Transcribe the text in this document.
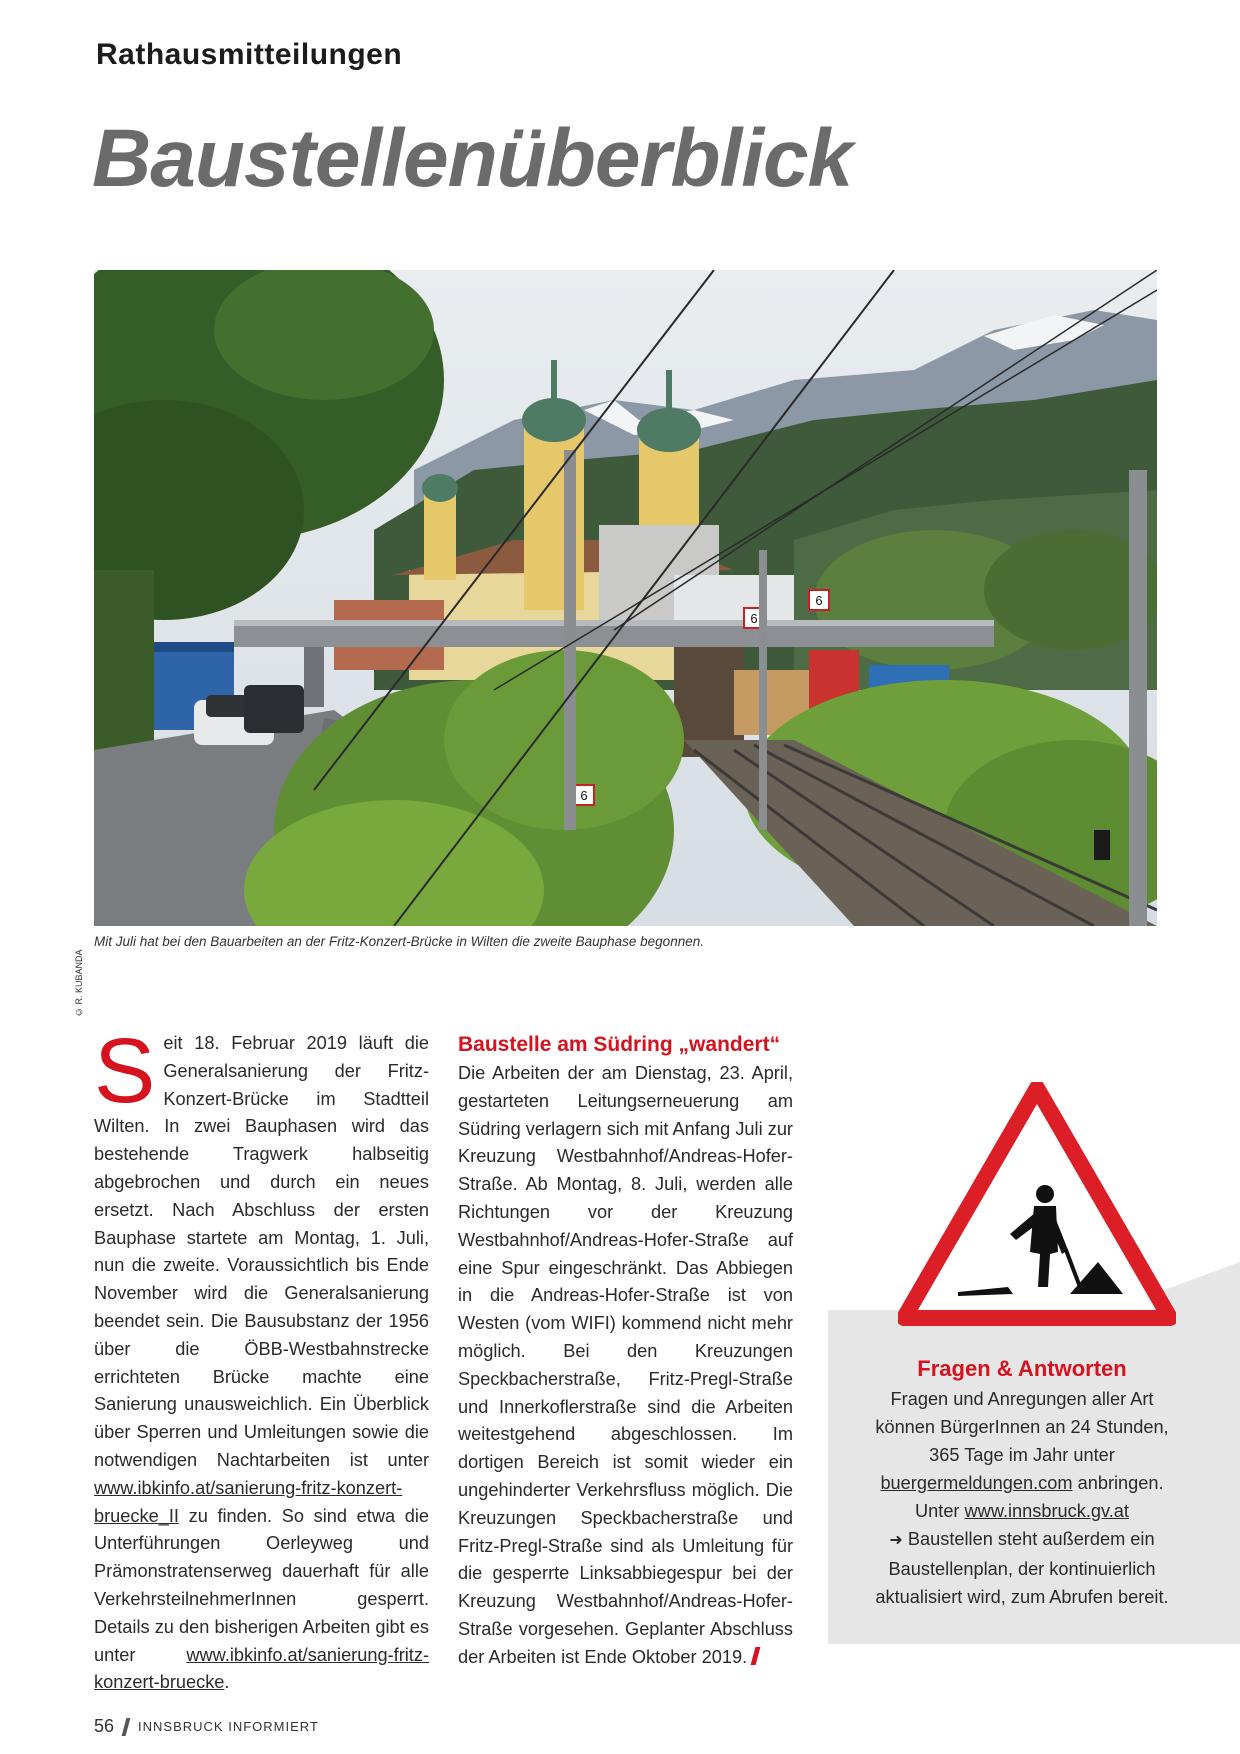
Rathausmitteilungen
Baustellenüberblick
6
6
6
© R. KUBANDA
Mit Juli hat bei den Bauarbeiten an der Fritz-Konzert-Brücke in Wilten die zweite Bauphase begonnen.
Seit 18. Februar 2019 läuft die Generalsanierung der Fritz-Konzert-Brücke im Stadtteil Wilten. In zwei Bauphasen wird das bestehende Tragwerk halbseitig abgebrochen und durch ein neues ersetzt. Nach Abschluss der ersten Bauphase startete am Montag, 1. Juli, nun die zweite. Voraussichtlich bis Ende November wird die Generalsanierung beendet sein. Die Bausubstanz der 1956 über die ÖBB-Westbahnstrecke errichteten Brücke machte eine Sanierung unausweichlich. Ein Überblick über Sperren und Umleitungen sowie die notwendigen Nachtarbeiten ist unter www.ibkinfo.at/sanierung-fritz-konzert-bruecke_II zu finden. So sind etwa die Unterführungen Oerleyweg und Prämonstratenserweg dauerhaft für alle VerkehrsteilnehmerInnen gesperrt. Details zu den bisherigen Arbeiten gibt es unter www.ibkinfo.at/sanierung-fritz-konzert-bruecke.
Baustelle am Südring „wandert“
Die Arbeiten der am Dienstag, 23. April, gestarteten Leitungserneuerung am Südring verlagern sich mit Anfang Juli zur Kreuzung Westbahnhof/Andreas-Hofer-Straße. Ab Montag, 8. Juli, werden alle Richtungen vor der Kreuzung Westbahnhof/Andreas-Hofer-Straße auf eine Spur eingeschränkt. Das Abbiegen in die Andreas-Hofer-Straße ist von Westen (vom WIFI) kommend nicht mehr möglich. Bei den Kreuzungen Speckbacherstraße, Fritz-Pregl-Straße und Innerkoflerstraße sind die Arbeiten weitestgehend abgeschlossen. Im dortigen Bereich ist somit wieder ein ungehinderter Verkehrsfluss möglich. Die Kreuzungen Speckbacherstraße und Fritz-Pregl-Straße sind als Umleitung für die gesperrte Linksabbiegespur bei der Kreuzung Westbahnhof/Andreas-Hofer-Straße vorgesehen. Geplanter Abschluss der Arbeiten ist Ende Oktober 2019.
Fragen & Antworten
Fragen und Anregungen aller Art können BürgerInnen an 24 Stunden, 365 Tage im Jahr unter buergermeldungen.com anbringen. Unter www.innsbruck.gv.at
➜ Baustellen steht außerdem ein Baustellenplan, der kontinuierlich aktualisiert wird, zum Abrufen bereit.
56 INNSBRUCK INFORMIERT
